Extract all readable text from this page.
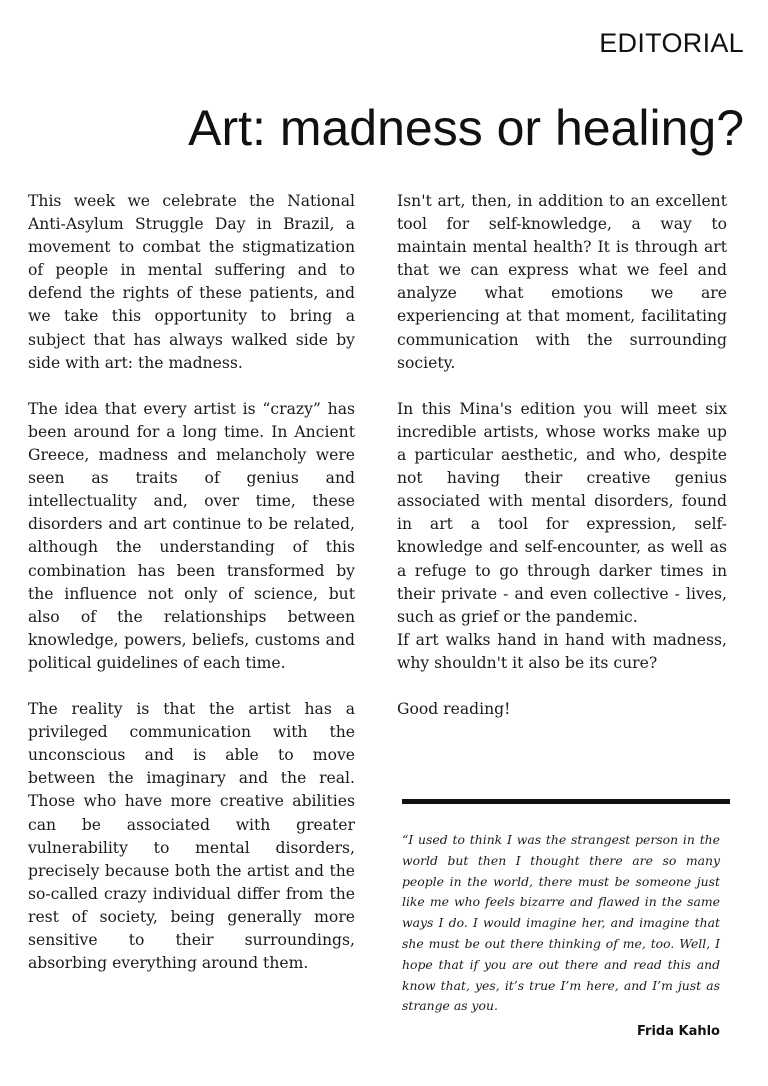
EDITORIAL
Art: madness or healing?

This week we celebrate the National Anti-Asylum Struggle Day in Brazil, a movement to combat the stigmatization of people in mental suffering and to defend the rights of these patients, and we take this opportunity to bring a subject that has always walked side by side with art: the madness.

The idea that every artist is “crazy” has been around for a long time. In Ancient Greece, madness and melancholy were seen as traits of genius and intellectuality and, over time, these disorders and art continue to be related, although the understanding of this combination has been transformed by the influence not only of science, but also of the relationships between knowledge, powers, beliefs, customs and political guidelines of each time.

The reality is that the artist has a privileged communication with the unconscious and is able to move between the imaginary and the real. Those who have more creative abilities can be associated with greater vulnerability to mental disorders, precisely because both the artist and the so-called crazy individual differ from the rest of society, being generally more sensitive to their surroundings, absorbing everything around them.

Isn't art, then, in addition to an excellent tool for self-knowledge, a way to maintain mental health? It is through art that we can express what we feel and analyze what emotions we are experiencing at that moment, facilitating communication with the surrounding society.

In this Mina's edition you will meet six incredible artists, whose works make up a particular aesthetic, and who, despite not having their creative genius associated with mental disorders, found in art a tool for expression, self-knowledge and self-encounter, as well as a refuge to go through darker times in their private - and even collective - lives, such as grief or the pandemic.

If art walks hand in hand with madness, why shouldn't it also be its cure?

Good reading!

“I used to think I was the strangest person in the world but then I thought there are so many people in the world, there must be someone just like me who feels bizarre and flawed in the same ways I do. I would imagine her, and imagine that she must be out there thinking of me, too. Well, I hope that if you are out there and read this and know that, yes, it’s true I’m here, and I’m just as strange as you.
Frida Kahlo
